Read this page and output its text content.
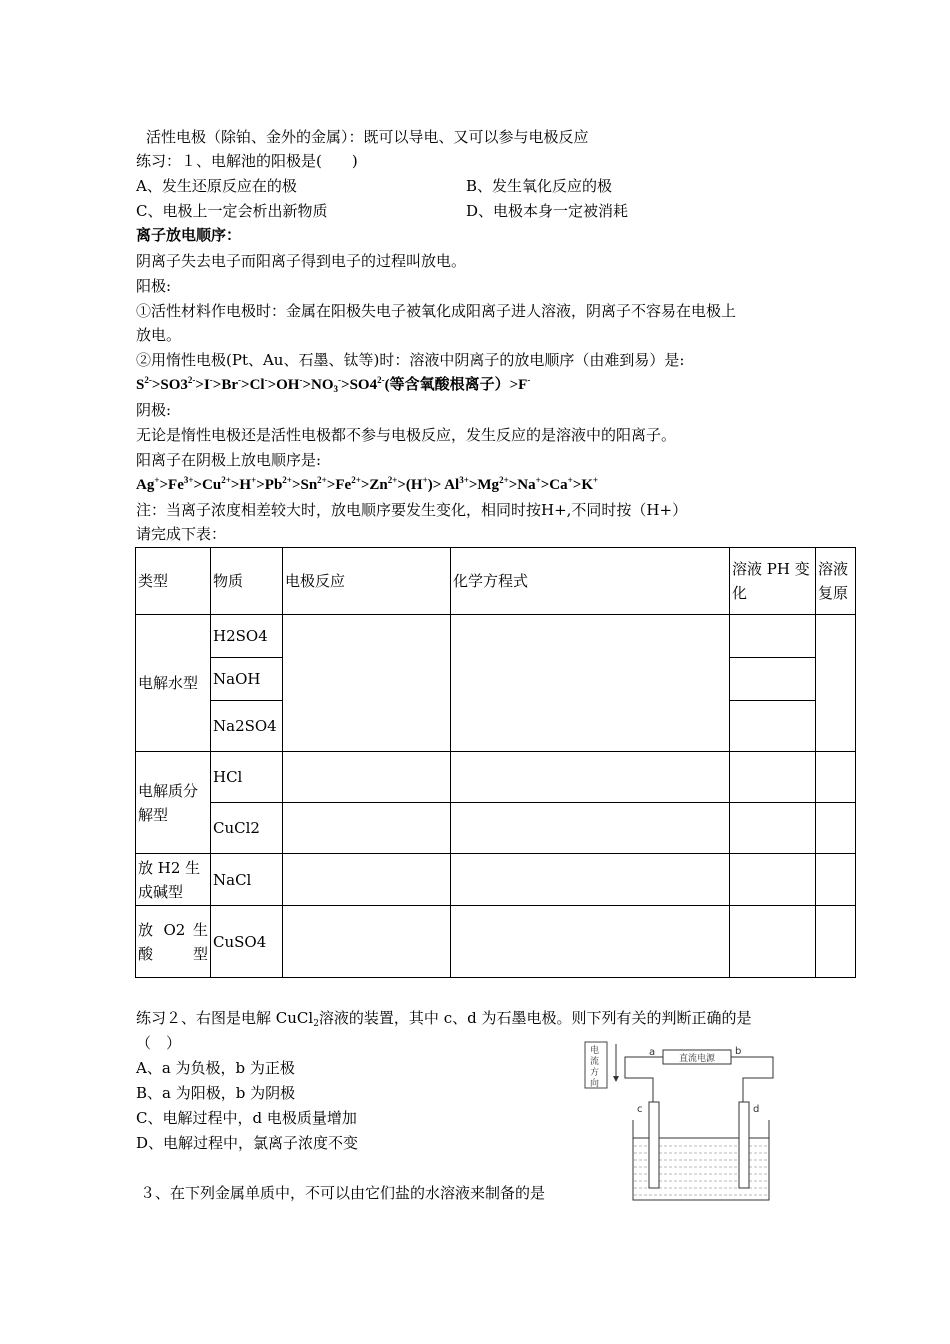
活性电极（除铂、金外的金属）：既可以导电、又可以参与电极反应
练习：１、电解池的阳极是(　　)
A、发生还原反应在的极	B、发生氧化反应的极
C、电极上一定会析出新物质	D、电极本身一定被消耗
离子放电顺序：
阴离子失去电子而阳离子得到电子的过程叫放电。
阳极:
①活性材料作电极时：金属在阳极失电子被氧化成阳离子进人溶液，阴离子不容易在电极上
放电。
②用惰性电极(Pt、Au、石墨、钛等)时：溶液中阴离子的放电顺序（由难到易）是:
$S^{2-}>SO3^{2-}>I^->Br^->Cl^->OH^->NO_3^->SO4^{2-}$(等含氧酸根离子）>F-
阴极:
无论是惰性电极还是活性电极都不参与电极反应，发生反应的是溶液中的阳离子。
阳离子在阴极上放电顺序是:
$Ag^+>Fe^{3+}>Cu^{2+}>H^+>Pb^{2+}>Sn^{2+}>Fe^{2+}>Zn^{2+}>(H^+)> Al^{3+}>Mg^{2+}>Na^+>Ca^+>K^+$
注：当离子浓度相差较大时，放电顺序要发生变化，相同时按H+,不同时按（H+）
请完成下表：
类型	物质	电极反应	化学方程式	溶液 PH 变化	溶液复原
电解水型	H2SO4
NaOH
Na2SO4				

电解质分解型	HCl				
	CuCl2				
放 H2 生成碱型	NaCl				
放 O2 生酸型	CuSO4				
练习２、右图是电解 CuCl$_2$溶液的装置，其中 c、d 为石墨电极。则下列有关的判断正确的是
（　）
A、a 为负极，b 为正极
B、a 为阳极，b 为阴极
C、电解过程中，d 电极质量增加
D、电解过程中，氯离子浓度不变
３、在下列金属单质中，不可以由它们盐的水溶液来制备的是
电 流 方 向
直流电源
a	b
c	d
